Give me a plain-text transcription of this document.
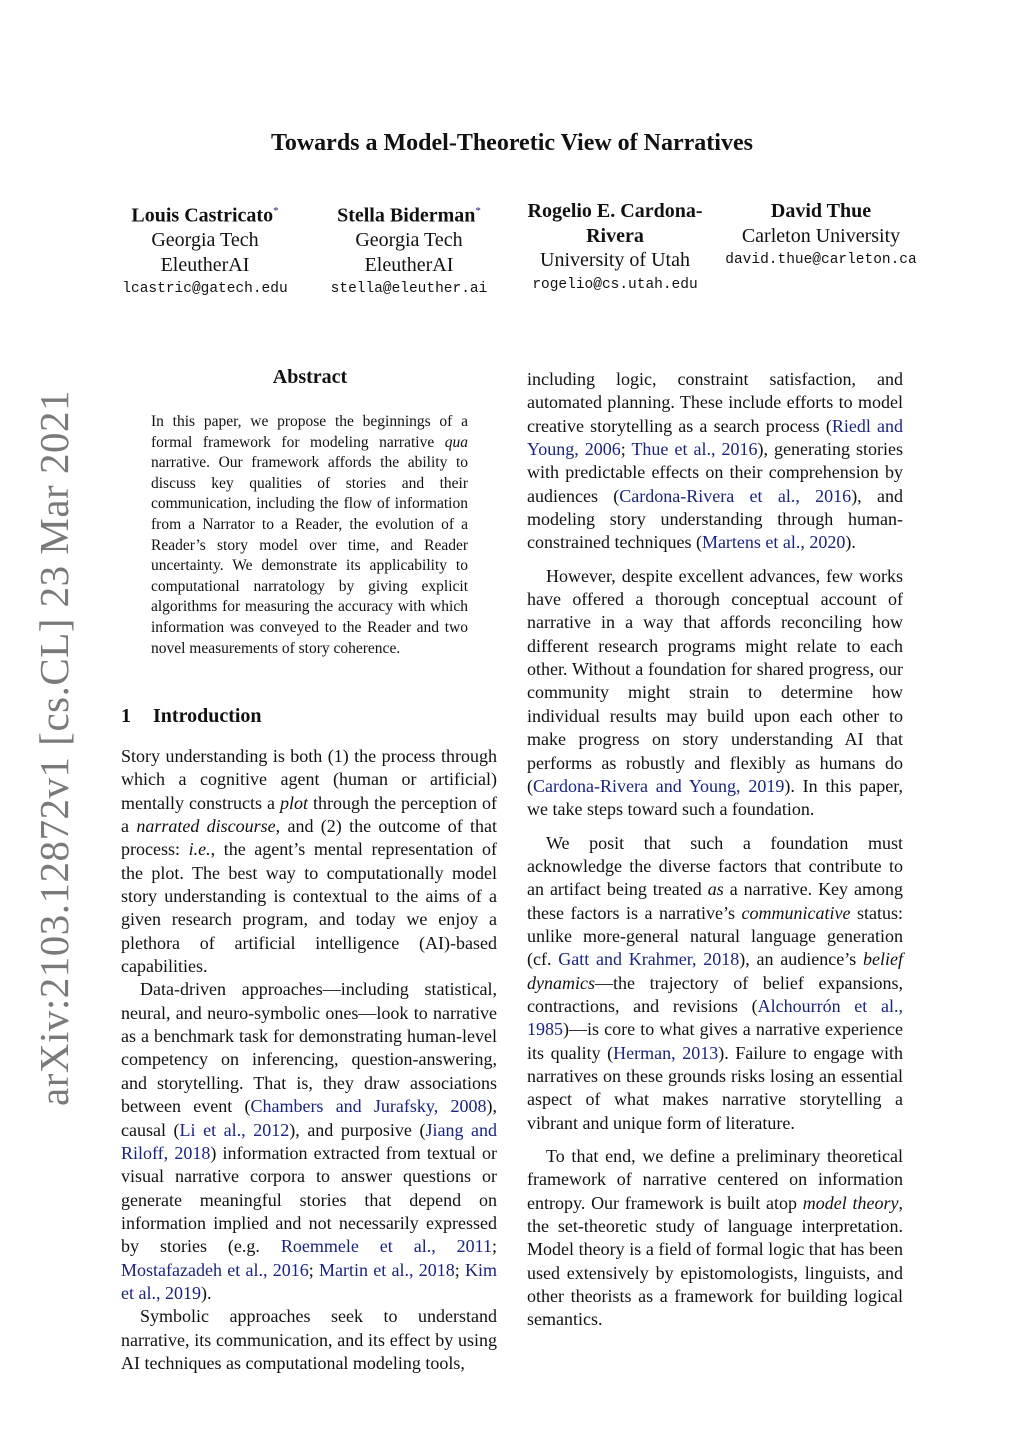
arXiv:2103.12872v1 [cs.CL] 23 Mar 2021
Towards a Model-Theoretic View of Narratives
Louis Castricato*
Georgia Tech
EleutherAI
lcastric@gatech.edu
Stella Biderman*
Georgia Tech
EleutherAI
stella@eleuther.ai
Rogelio E. Cardona-Rivera
University of Utah
rogelio@cs.utah.edu
David Thue
Carleton University
david.thue@carleton.ca
Abstract

In this paper, we propose the beginnings of a formal framework for modeling narrative qua narrative. Our framework affords the ability to discuss key qualities of stories and their communication, including the flow of information from a Narrator to a Reader, the evolution of a Reader’s story model over time, and Reader uncertainty. We demonstrate its applicability to computational narratology by giving explicit algorithms for measuring the accuracy with which information was conveyed to the Reader and two novel measurements of story coherence.

1 Introduction

Story understanding is both (1) the process through which a cognitive agent (human or artificial) mentally constructs a plot through the perception of a narrated discourse, and (2) the outcome of that process: i.e., the agent’s mental representation of the plot. The best way to computationally model story understanding is contextual to the aims of a given research program, and today we enjoy a plethora of artificial intelligence (AI)-based capabilities.

Data-driven approaches—including statistical, neural, and neuro-symbolic ones—look to narrative as a benchmark task for demonstrating human-level competency on inferencing, question-answering, and storytelling. That is, they draw associations between event (Chambers and Jurafsky, 2008), causal (Li et al., 2012), and purposive (Jiang and Riloff, 2018) information extracted from textual or visual narrative corpora to answer questions or generate meaningful stories that depend on information implied and not necessarily expressed by stories (e.g. Roemmele et al., 2011; Mostafazadeh et al., 2016; Martin et al., 2018; Kim et al., 2019).

Symbolic approaches seek to understand narrative, its communication, and its effect by using AI techniques as computational modeling tools,

including logic, constraint satisfaction, and automated planning. These include efforts to model creative storytelling as a search process (Riedl and Young, 2006; Thue et al., 2016), generating stories with predictable effects on their comprehension by audiences (Cardona-Rivera et al., 2016), and modeling story understanding through human-constrained techniques (Martens et al., 2020).

However, despite excellent advances, few works have offered a thorough conceptual account of narrative in a way that affords reconciling how different research programs might relate to each other. Without a foundation for shared progress, our community might strain to determine how individual results may build upon each other to make progress on story understanding AI that performs as robustly and flexibly as humans do (Cardona-Rivera and Young, 2019). In this paper, we take steps toward such a foundation.

We posit that such a foundation must acknowledge the diverse factors that contribute to an artifact being treated as a narrative. Key among these factors is a narrative’s communicative status: unlike more-general natural language generation (cf. Gatt and Krahmer, 2018), an audience’s belief dynamics—the trajectory of belief expansions, contractions, and revisions (Alchourrón et al., 1985)—is core to what gives a narrative experience its quality (Herman, 2013). Failure to engage with narratives on these grounds risks losing an essential aspect of what makes narrative storytelling a vibrant and unique form of literature.

To that end, we define a preliminary theoretical framework of narrative centered on information entropy. Our framework is built atop model theory, the set-theoretic study of language interpretation. Model theory is a field of formal logic that has been used extensively by epistomologists, linguists, and other theorists as a framework for building logical semantics.
